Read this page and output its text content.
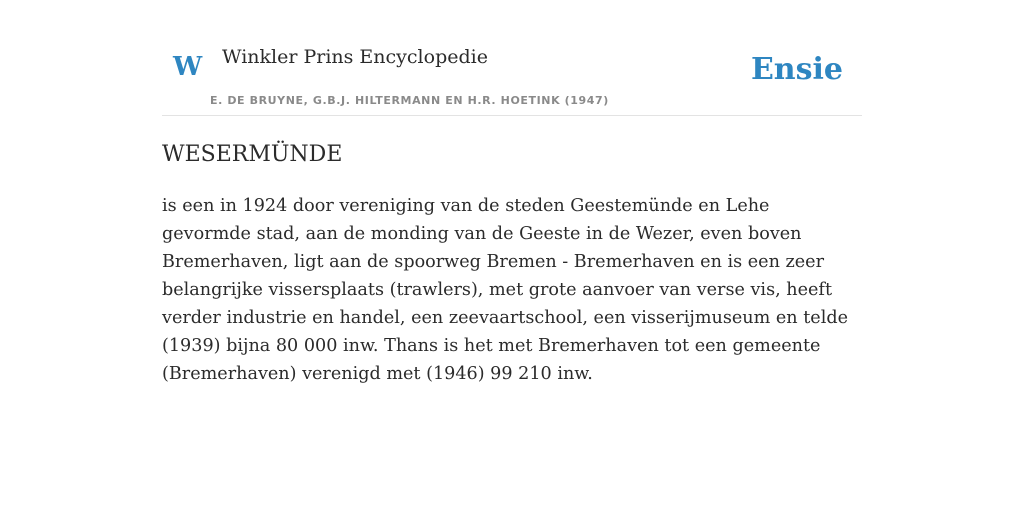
W Winkler Prins Encyclopedie
E. DE BRUYNE, G.B.J. HILTERMANN EN H.R. HOETINK (1947)
Ensie
WESERMÜNDE

is een in 1924 door vereniging van de steden Geestemünde en Lehe gevormde stad, aan de monding van de Geeste in de Wezer, even boven Bremerhaven, ligt aan de spoorweg Bremen - Bremerhaven en is een zeer belangrijke vissersplaats (trawlers), met grote aanvoer van verse vis, heeft verder industrie en handel, een zeevaartschool, een visserijmuseum en telde (1939) bijna 80 000 inw. Thans is het met Bremerhaven tot een gemeente (Bremerhaven) verenigd met (1946) 99 210 inw.
